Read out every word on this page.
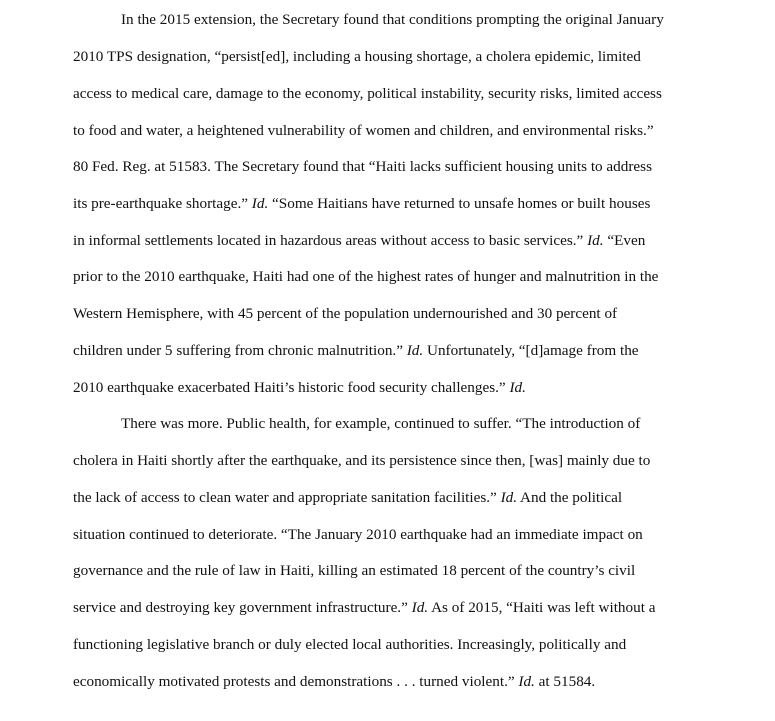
In the 2015 extension, the Secretary found that conditions prompting the original January
2010 TPS designation, “persist[ed], including a housing shortage, a cholera epidemic, limited
access to medical care, damage to the economy, political instability, security risks, limited access
to food and water, a heightened vulnerability of women and children, and environmental risks.”
80 Fed. Reg. at 51583. The Secretary found that “Haiti lacks sufficient housing units to address
its pre-earthquake shortage.” Id. “Some Haitians have returned to unsafe homes or built houses
in informal settlements located in hazardous areas without access to basic services.” Id. “Even
prior to the 2010 earthquake, Haiti had one of the highest rates of hunger and malnutrition in the
Western Hemisphere, with 45 percent of the population undernourished and 30 percent of
children under 5 suffering from chronic malnutrition.” Id. Unfortunately, “[d]amage from the
2010 earthquake exacerbated Haiti’s historic food security challenges.” Id.
There was more. Public health, for example, continued to suffer. “The introduction of
cholera in Haiti shortly after the earthquake, and its persistence since then, [was] mainly due to
the lack of access to clean water and appropriate sanitation facilities.” Id. And the political
situation continued to deteriorate. “The January 2010 earthquake had an immediate impact on
governance and the rule of law in Haiti, killing an estimated 18 percent of the country’s civil
service and destroying key government infrastructure.” Id. As of 2015, “Haiti was left without a
functioning legislative branch or duly elected local authorities. Increasingly, politically and
economically motivated protests and demonstrations . . . turned violent.” Id. at 51584.
